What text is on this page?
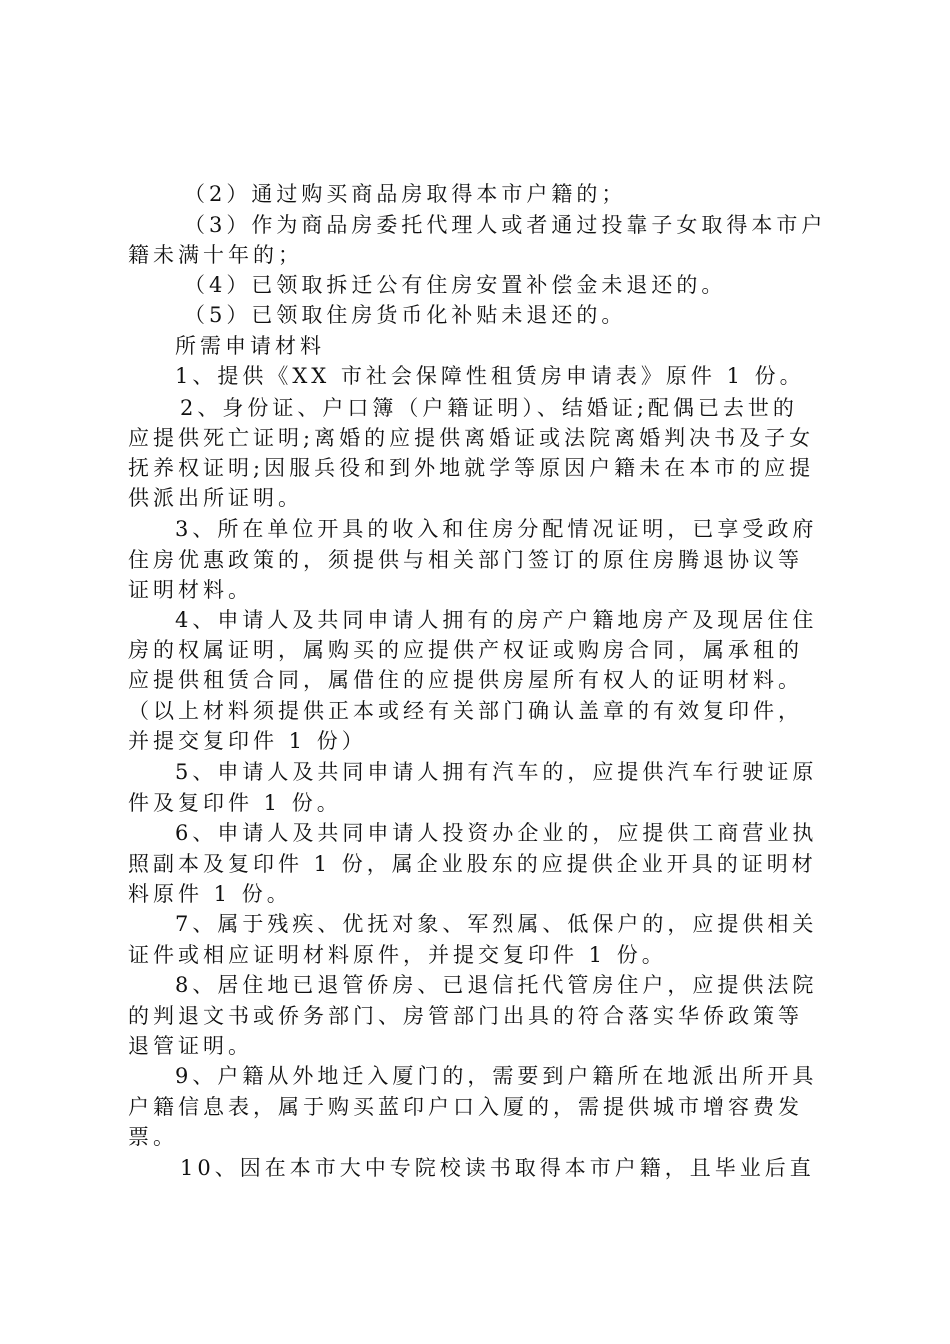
（2）通过购买商品房取得本市户籍的；
（3）作为商品房委托代理人或者通过投靠子女取得本市户
籍未满十年的；
（4）已领取拆迁公有住房安置补偿金未退还的。
（5）已领取住房货币化补贴未退还的。
所需申请材料
1、提供《XX 市社会保障性租赁房申请表》原件 1 份。
2、身份证、户口簿（户籍证明）、结婚证;配偶已去世的
应提供死亡证明;离婚的应提供离婚证或法院离婚判决书及子女
抚养权证明;因服兵役和到外地就学等原因户籍未在本市的应提
供派出所证明。
3、所在单位开具的收入和住房分配情况证明，已享受政府
住房优惠政策的，须提供与相关部门签订的原住房腾退协议等
证明材料。
4、申请人及共同申请人拥有的房产户籍地房产及现居住住
房的权属证明，属购买的应提供产权证或购房合同，属承租的
应提供租赁合同，属借住的应提供房屋所有权人的证明材料。
（以上材料须提供正本或经有关部门确认盖章的有效复印件，
并提交复印件 1 份）
5、申请人及共同申请人拥有汽车的，应提供汽车行驶证原
件及复印件 1 份。
6、申请人及共同申请人投资办企业的，应提供工商营业执
照副本及复印件 1 份，属企业股东的应提供企业开具的证明材
料原件 1 份。
7、属于残疾、优抚对象、军烈属、低保户的，应提供相关
证件或相应证明材料原件，并提交复印件 1 份。
8、居住地已退管侨房、已退信托代管房住户，应提供法院
的判退文书或侨务部门、房管部门出具的符合落实华侨政策等
退管证明。
9、户籍从外地迁入厦门的，需要到户籍所在地派出所开具
户籍信息表，属于购买蓝印户口入厦的，需提供城市增容费发
票。
10、因在本市大中专院校读书取得本市户籍，且毕业后直
